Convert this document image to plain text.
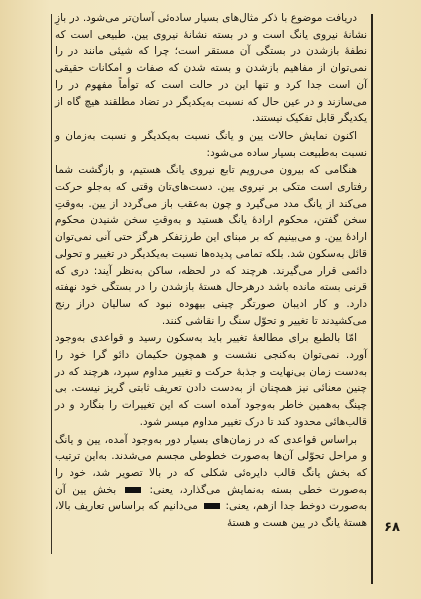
۶۸

دریافت موضوع با ذکر مثال‌های بسیار ساده‌ئی آسان‌تر می‌شود. در بازِ نشانهٔ نیروی یانگ است و در بسته نشانهٔ نیروی یین. طبیعی است که نطفهٔ باز‌شدن در بستگی آن مستقر است؛ چرا که شیئی مانند در را نمی‌توان از مفاهیم باز‌شدن و بسته شدن که صفات و امکانات حقیقی آن است جدا کرد و تنها این در حالت است که توأماً مفهوم در را می‌سازند و در عین حال که نسبت به‌یکدیگر در تضاد مطلقند هیچ گاه از یکدیگر قابل تفکیک نیستند.

اکنون نمایش حالات یین و یانگ نسبت به‌یکدیگر و نسبت به‌زمان و نسبت به‌طبیعت بسیار ساده می‌شود:

هنگامی که بیرون می‌رویم تابع نیروی یانگ هستیم، و بازگشت شما رفتاری است متکی بر نیروی یین. دست‌های‌تان وقتی که به‌جلو حرکت می‌کند از یانگ مدد می‌گیرد و چون به‌عقب باز می‌گردد از یین. به‌وقتِ سخن گفتن، محکوم ارادهٔ یانگ هستید و به‌وقتِ سخن شنیدن محکوم ارادهٔ یین. و می‌بینیم که بر مبنای این طرزتفکر هرگز حتی آنی نمی‌توان قائل به‌سکون شد. بلکه تمامی پدیده‌ها نسبت به‌یکدیگر در تغییر و تحولی دائمی قرار می‌گیرند. هرچند که در لحظه، ساکن به‌نظر آیند: دری که قرنی بسته مانده باشد درهرحال هستهٔ بازشدن را در بستگی خود نهفته دارد. و کار ادیبان صورتگر چینی بیهوده نبود که سالیان دراز رنج می‌کشیدند تا تغییر و تحوّل سنگ را نقاشی کنند.

امّا بالطبع برای مطالعهٔ تغییر باید به‌سکون رسید و قواعدی به‌وجود آورد. نمی‌توان به‌کنجی نشست و همچون حکیمان دائو گرا خود را به‌دست زمان بی‌نهایت و جذبهٔ حرکت و تغییر مداوم سپرد، هرچند که در چنین معنائی نیز همچنان از به‌دست دادن تعریف ثابتی گریز نیست. بی چینگ به‌همین خاطر به‌وجود آمده است که این تغییرات را بنگارد و در قالب‌هائی محدود کند تا درک تغییر مداوم میسر شود.

براساس قواعدی که در زمان‌های بسیار دور به‌وجود آمده، یین و یانگ و مراحل تحوّلی آن‌ها به‌صورت خطوطی مجسم می‌شدند. به‌این ترتیب که بخش یانگ قالب دایره‌ئی شکلی که در بالا تصویر شد، خود را به‌صورت خطی بسته به‌نمایش می‌گذارد، یعنی:  بخش یین آن به‌صورت دوخط جدا ازهم، یعنی:  می‌دانیم که براساس تعاریف بالا، هستهٔ یانگ در یین هست و هستهٔ
